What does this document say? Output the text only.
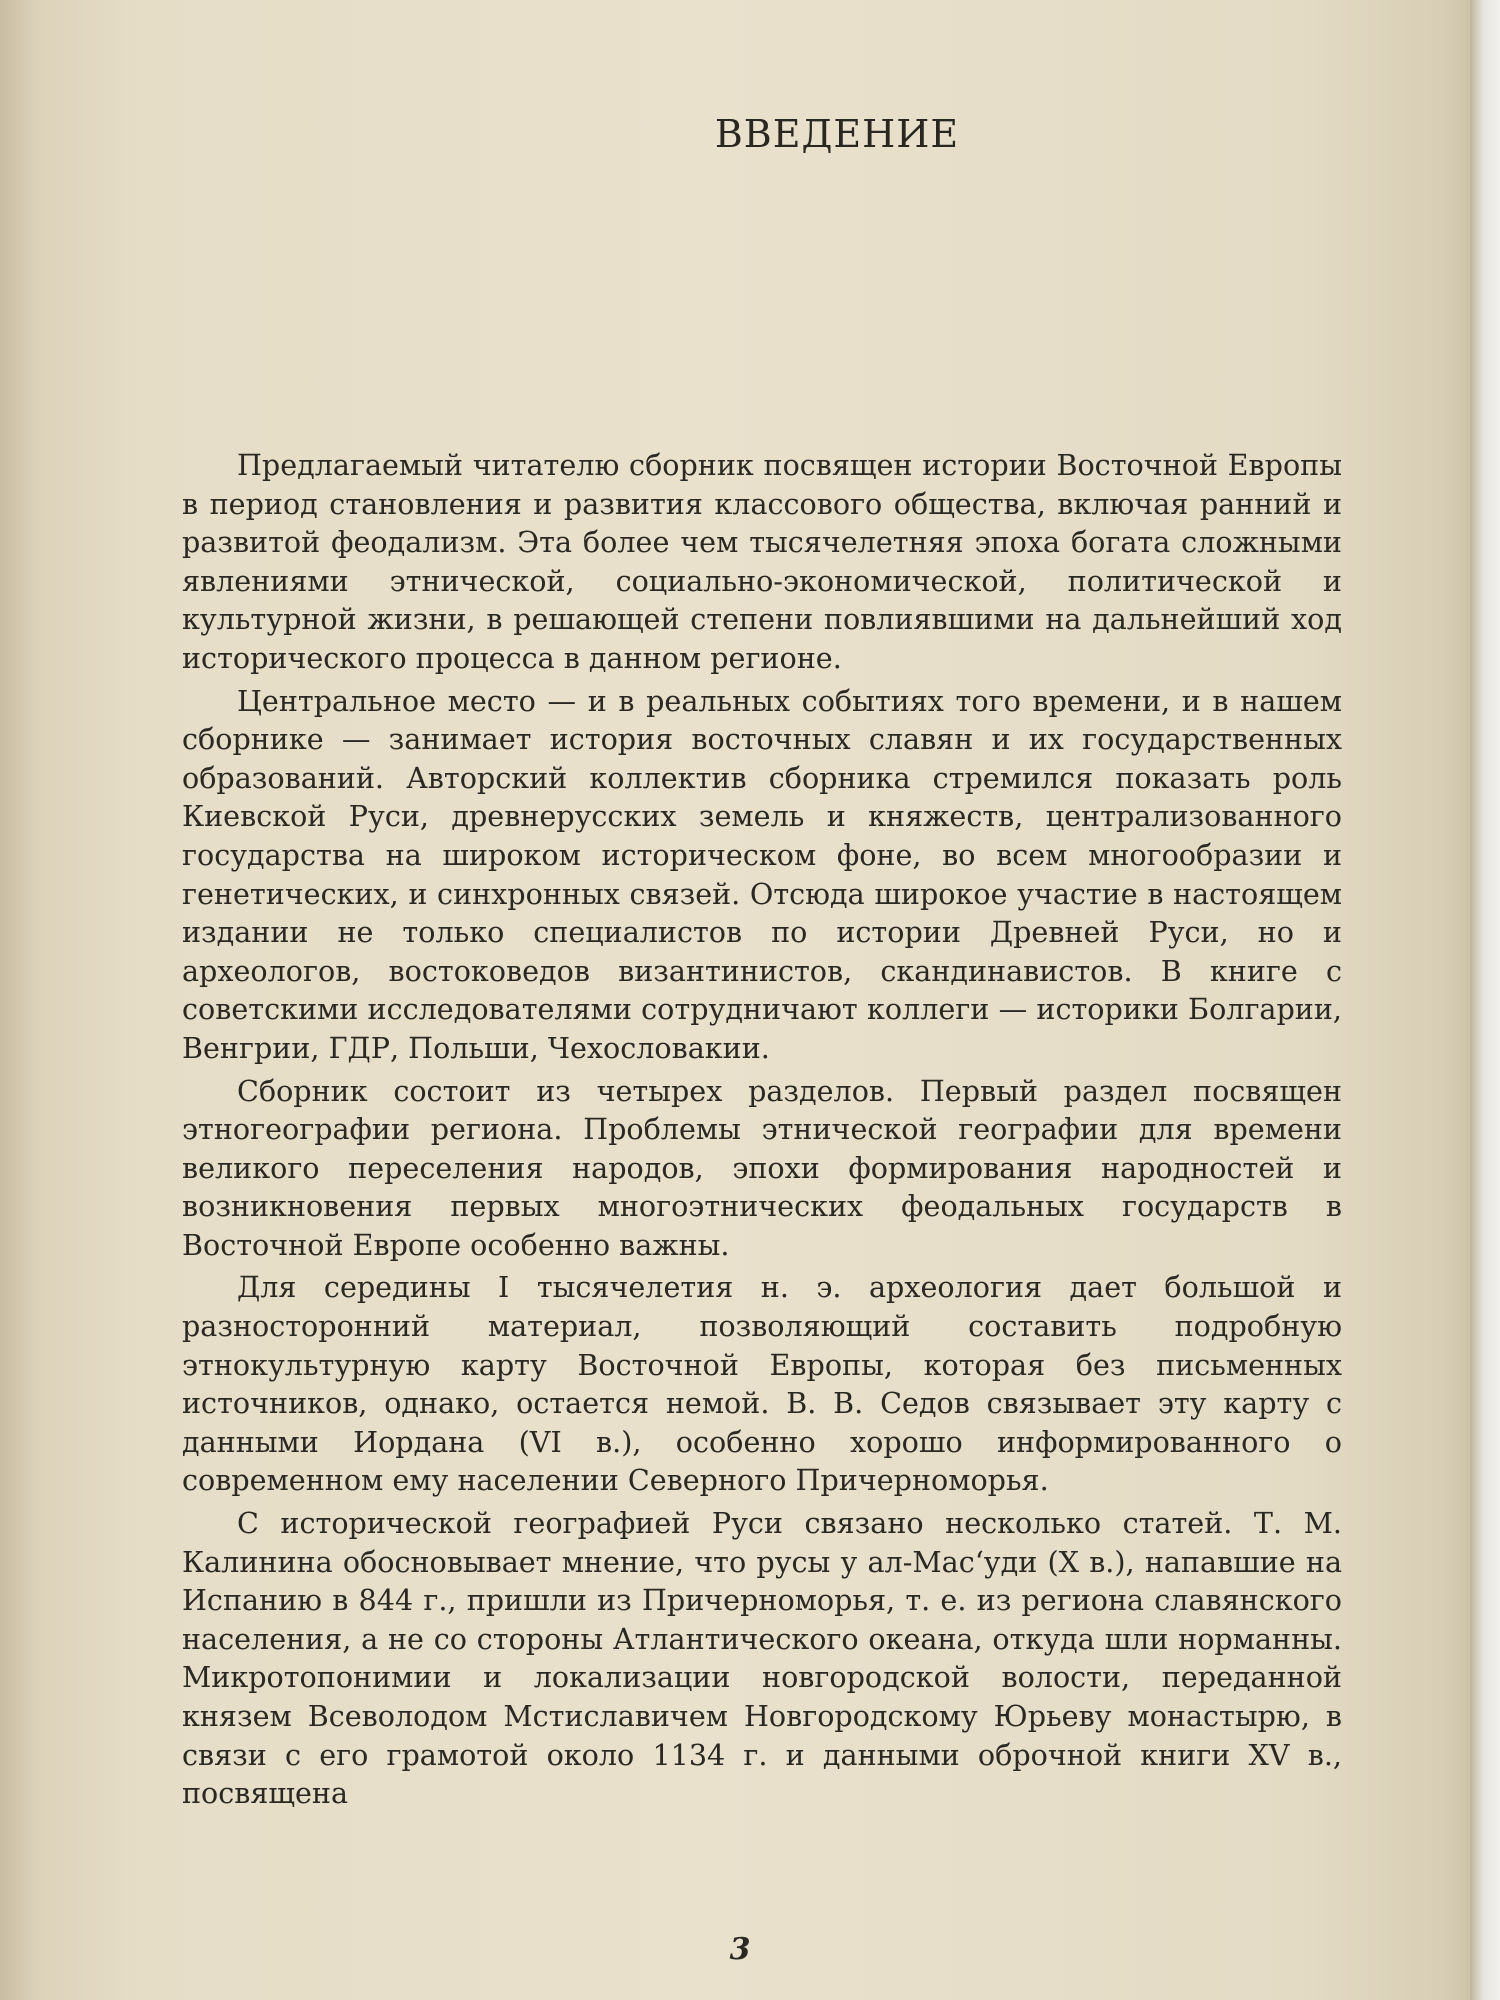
ВВЕДЕНИЕ

Предлагаемый читателю сборник посвящен истории Восточной Европы в период становления и развития классового общества, включая ранний и развитой феодализм. Эта более чем тысячелетняя эпоха богата сложными явлениями этнической, социально-экономической, политической и культурной жизни, в решающей степени повлиявшими на дальнейший ход исторического процесса в данном регионе.

Центральное место — и в реальных событиях того времени, и в нашем сборнике — занимает история восточных славян и их государственных образований. Авторский коллектив сборника стремился показать роль Киевской Руси, древнерусских земель и княжеств, централизованного государства на широком историческом фоне, во всем многообразии и генетических, и синхронных связей. Отсюда широкое участие в настоящем издании не только специалистов по истории Древней Руси, но и археологов, востоковедов византинистов, скандинавистов. В книге с советскими исследователями сотрудничают коллеги — историки Болгарии, Венгрии, ГДР, Польши, Чехословакии.

Сборник состоит из четырех разделов. Первый раздел посвящен этногеографии региона. Проблемы этнической географии для времени великого переселения народов, эпохи формирования народностей и возникновения первых многоэтнических феодальных государств в Восточной Европе особенно важны.

Для середины I тысячелетия н. э. археология дает большой и разносторонний материал, позволяющий составить подробную этнокультурную карту Восточной Европы, которая без письменных источников, однако, остается немой. В. В. Седов связывает эту карту с данными Иордана (VI в.), особенно хорошо информированного о современном ему населении Северного Причерноморья.

С исторической географией Руси связано несколько статей. Т. М. Калинина обосновывает мнение, что русы у ал-Мас‘уди (X в.), напавшие на Испанию в 844 г., пришли из Причерноморья, т. е. из региона славянского населения, а не со стороны Атлантического океана, откуда шли норманны. Микротопонимии и локализации новгородской волости, переданной князем Всеволодом Мстиславичем Новгородскому Юрьеву монастырю, в связи с его грамотой около 1134 г. и данными оброчной книги XV в., посвящена

3
